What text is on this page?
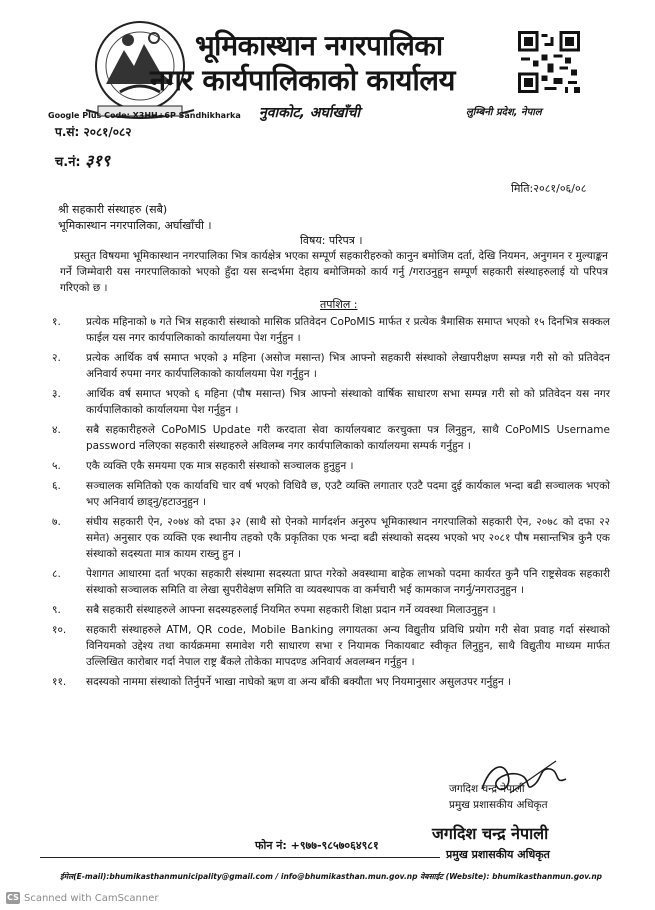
भूमिकास्थान नगरपालिका
नगर कार्यपालिकाको कार्यालय
Google Plus Code: X3HH+6P Sandhikharka नुवाकोट, अर्घाखाँची	लुम्बिनी प्रदेश, नेपाल
प.सं: २०८१/०८२
च.नं: ३१९
मिति:२०८१/०६/०८
श्री सहकारी संस्थाहरु (सबै)
भूमिकास्थान नगरपालिका, अर्घाखाँची ।
विषय: परिपत्र ।
प्रस्तुत विषयमा भूमिकास्थान नगरपालिका भित्र कार्यक्षेत्र भएका सम्पूर्ण सहकारीहरुको कानुन बमोजिम दर्ता, देखि नियमन, अनुगमन र मुल्याङ्कन गर्ने जिम्मेवारी यस नगरपालिकाको भएको हुँदा यस सन्दर्भमा देहाय बमोजिमको कार्य गर्नु /गराउनुहुन सम्पूर्ण सहकारी संस्थाहरुलाई यो परिपत्र गरिएको छ ।
तपशिल :
१.	प्रत्येक महिनाको ७ गते भित्र सहकारी संस्थाको मासिक प्रतिवेदन CoPoMIS मार्फत र प्रत्येक त्रैमासिक समाप्त भएको १५ दिनभित्र सक्कल फाईल यस नगर कार्यपालिकाको कार्यालयमा पेश गर्नुहुन ।
२.	प्रत्येक आर्थिक वर्ष समाप्त भएको ३ महिना (असोज मसान्त) भित्र आफ्नो सहकारी संस्थाको लेखापरीक्षण सम्पन्न गरी सो को प्रतिवेदन अनिवार्य रुपमा नगर कार्यपालिकाको कार्यालयमा पेश गर्नुहुन ।
३.	आर्थिक वर्ष समाप्त भएको ६ महिना (पौष मसान्त) भित्र आफ्नो संस्थाको वार्षिक साधारण सभा सम्पन्न गरी सो को प्रतिवेदन यस नगर कार्यपालिकाको कार्यालयमा पेश गर्नुहुन ।
४.	सबै सहकारीहरुले CoPoMIS Update गरी करदाता सेवा कार्यालयबाट करचुक्ता पत्र लिनुहुन, साथै CoPoMIS Username password नलिएका सहकारी संस्थाहरुले अविलम्ब नगर कार्यपालिकाको कार्यालयमा सम्पर्क गर्नुहुन ।
५.	एकै व्यक्ति एकै समयमा एक मात्र सहकारी संस्थाको सञ्चालक हुनुहुन ।
६.	सञ्चालक समितिको एक कार्यावधि चार वर्ष भएको विधिवै छ, एउटै व्यक्ति लगातार एउटै पदमा दुई कार्यकाल भन्दा बढी सञ्चालक भएको भए अनिवार्य छाड्नु/हटाउनुहुन ।
७.	संघीय सहकारी ऐन, २०७४ को दफा ३२ (साथै सो ऐनको मार्गदर्शन अनुरुप भूमिकास्थान नगरपालिको सहकारी ऐन, २०७८ को दफा २२ समेत) अनुसार एक व्यक्ति एक स्थानीय तहको एकै प्रकृतिका एक भन्दा बढी संस्थाको सदस्य भएको भए २०८१ पौष मसान्तभित्र कुनै एक संस्थाको सदस्यता मात्र कायम राख्नु हुन ।
८.	पेशागत आधारमा दर्ता भएका सहकारी संस्थामा सदस्यता प्राप्त गरेको अवस्थामा बाहेक लाभको पदमा कार्यरत कुनै पनि राष्ट्रसेवक सहकारी संस्थाको सञ्चालक समिति वा लेखा सुपरीवेक्षण समिति वा व्यवस्थापक वा कर्मचारी भई कामकाज नगर्नु/नगराउनुहुन ।
९.	सबै सहकारी संस्थाहरुले आफ्ना सदस्यहरुलाई नियमित रुपमा सहकारी शिक्षा प्रदान गर्ने व्यवस्था मिलाउनुहुन ।
१०.	सहकारी संस्थाहरुले ATM, QR code, Mobile Banking लगायतका अन्य विद्युतीय प्रविधि प्रयोग गरी सेवा प्रवाह गर्दा संस्थाको विनियमको उद्देश्य तथा कार्यक्रममा समावेश गरी साधारण सभा र नियामक निकायबाट स्वीकृत लिनुहुन, साथै विद्युतीय माध्यम मार्फत उल्लिखित कारोबार गर्दा नेपाल राष्ट्र बैंकले तोकेका मापदण्ड अनिवार्य अवलम्बन गर्नुहुन ।
११.	सदस्यको नाममा संस्थाको तिर्नुपर्ने भाखा नाघेको ऋण वा अन्य बाँकी बक्यौता भए नियमानुसार असुलउपर गर्नुहुन ।
जगदिश चन्द्र नेपाली
प्रमुख प्रशासकीय अधिकृत
जगदिश चन्द्र नेपाली
प्रमुख प्रशासकीय अधिकृत
फोन नं: +९७७-९८५७०६४९८१
ईमेल(E-mail):bhumikasthanmunicipality@gmail.com / info@bhumikasthan.mun.gov.np वेबसाईट (Website): bhumikasthanmun.gov.np
CS Scanned with CamScanner
